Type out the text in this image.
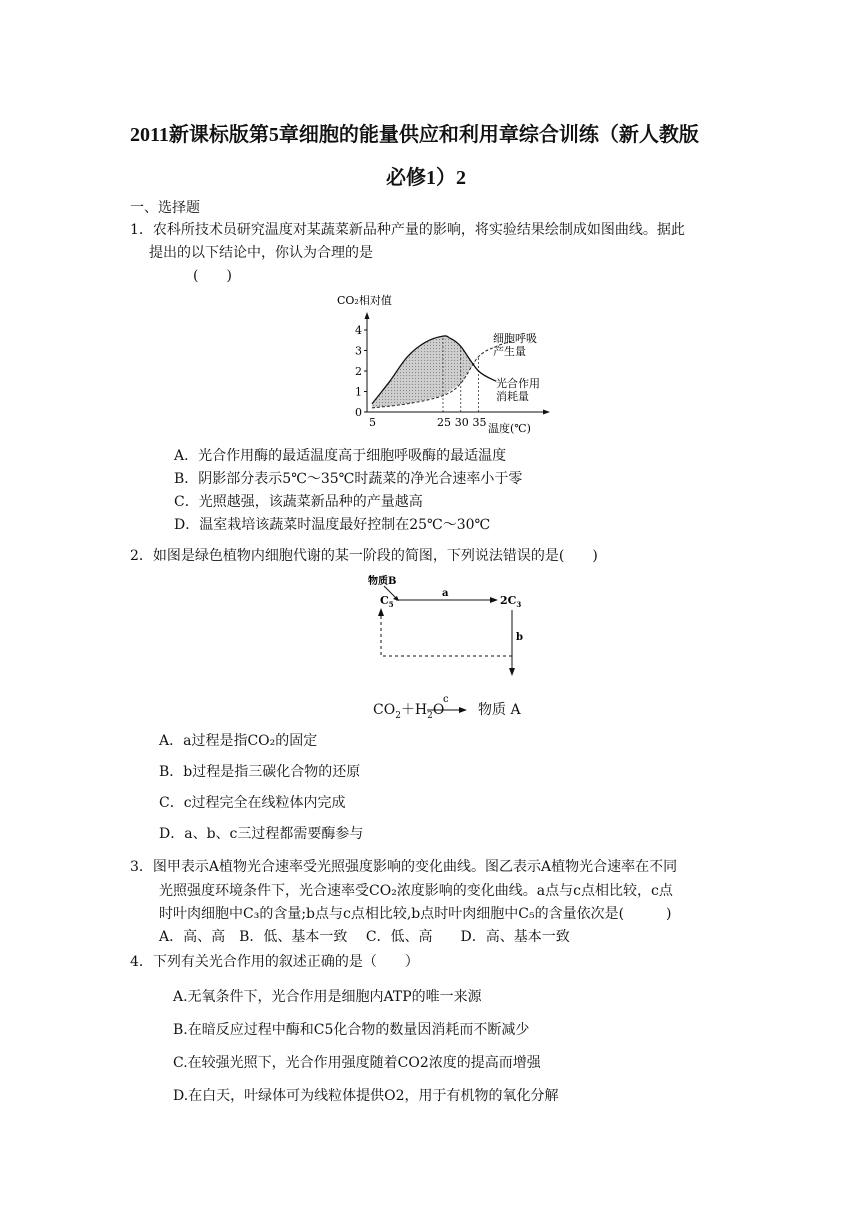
2011新课标版第5章细胞的能量供应和利用章综合训练（新人教版
必修1）2
一、选择题
1．农科所技术员研究温度对某蔬菜新品种产量的影响，将实验结果绘制成如图曲线。据此
提出的以下结论中，你认为合理的是
(　　)
CO₂相对值
0
1
2
3
4
5	25 30 35 温度(℃)
细胞呼吸
产生量
光合作用
消耗量
A．光合作用酶的最适温度高于细胞呼吸酶的最适温度
B．阴影部分表示5℃～35℃时蔬菜的净光合速率小于零
C．光照越强，该蔬菜新品种的产量越高
D．温室栽培该蔬菜时温度最好控制在25℃～30℃
2．如图是绿色植物内细胞代谢的某一阶段的简图，下列说法错误的是(　　)
物质B
$C_5$
a
$2C_3$
b
$CO_2+H_2O$
c
物质 A
A．a过程是指CO₂的固定
B．b过程是指三碳化合物的还原
C．c过程完全在线粒体内完成
D．a、b、c三过程都需要酶参与
3．图甲表示A植物光合速率受光照强度影响的变化曲线。图乙表示A植物光合速率在不同
光照强度环境条件下，光合速率受CO₂浓度影响的变化曲线。a点与c点相比较，c点
时叶肉细胞中C₃的含量;b点与c点相比较,b点时叶肉细胞中C₅的含量依次是(　　　)
A．高、高　B．低、基本一致　 C．低、高　　D．高、基本一致
4．下列有关光合作用的叙述正确的是（　　）
A.无氧条件下，光合作用是细胞内ATP的唯一来源
B.在暗反应过程中酶和C5化合物的数量因消耗而不断减少
C.在较强光照下，光合作用强度随着CO2浓度的提高而增强
D.在白天，叶绿体可为线粒体提供O2，用于有机物的氧化分解
